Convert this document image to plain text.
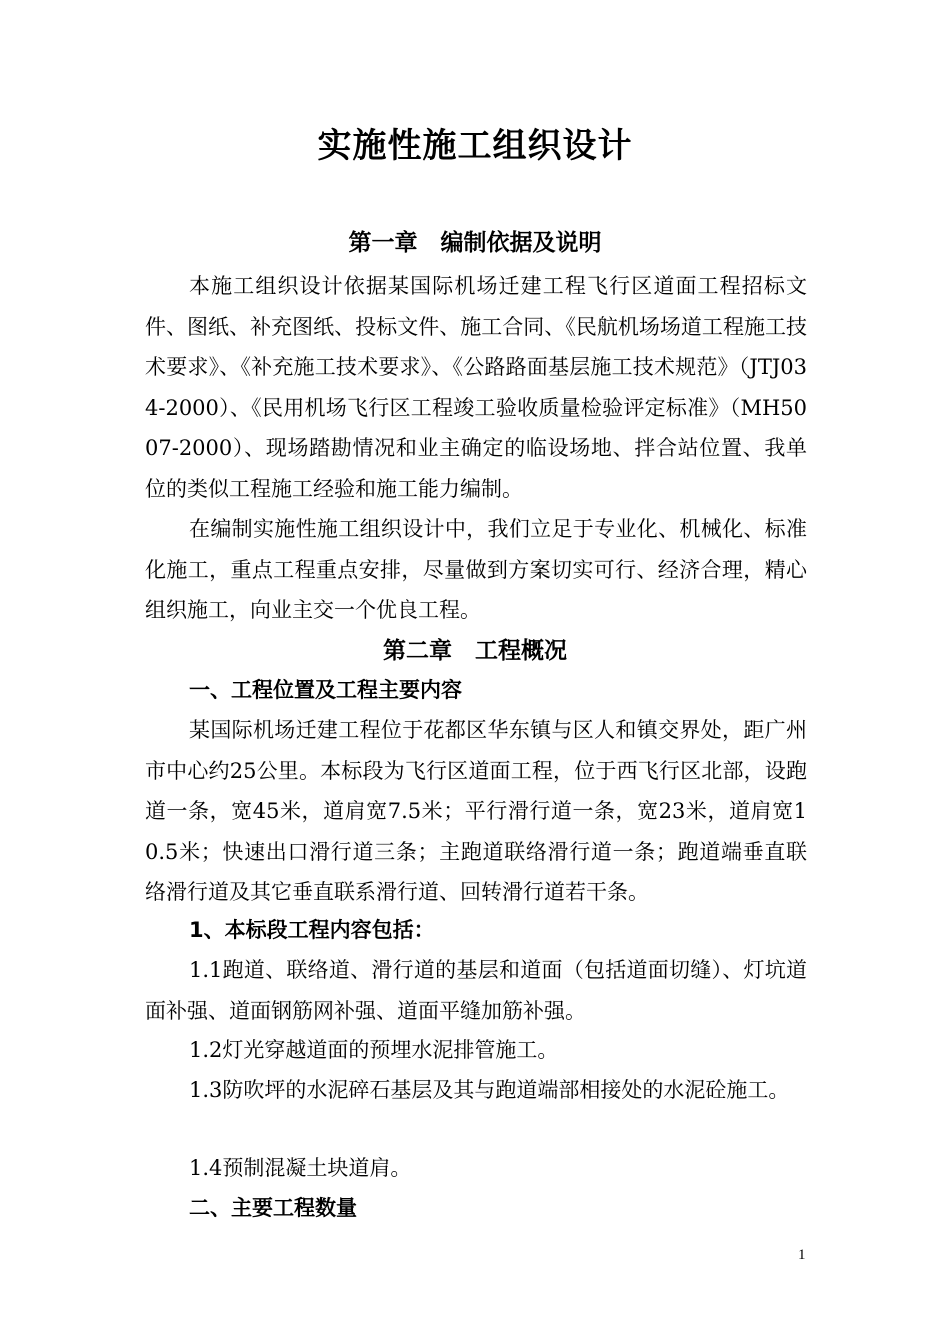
实施性施工组织设计
第一章　编制依据及说明
本施工组织设计依据某国际机场迁建工程飞行区道面工程招标文件、图纸、补充图纸、投标文件、施工合同、《民航机场场道工程施工技术要求》、《补充施工技术要求》、《公路路面基层施工技术规范》（JTJ034-2000）、《民用机场飞行区工程竣工验收质量检验评定标准》（MH5007-2000）、现场踏勘情况和业主确定的临设场地、拌合站位置、我单位的类似工程施工经验和施工能力编制。
在编制实施性施工组织设计中，我们立足于专业化、机械化、标准化施工，重点工程重点安排，尽量做到方案切实可行、经济合理，精心组织施工，向业主交一个优良工程。
第二章　工程概况
一、工程位置及工程主要内容
某国际机场迁建工程位于花都区华东镇与区人和镇交界处，距广州市中心约25公里。本标段为飞行区道面工程，位于西飞行区北部，设跑道一条，宽45米，道肩宽7.5米；平行滑行道一条，宽23米，道肩宽10.5米；快速出口滑行道三条；主跑道联络滑行道一条；跑道端垂直联络滑行道及其它垂直联系滑行道、回转滑行道若干条。
1、本标段工程内容包括：
1.1跑道、联络道、滑行道的基层和道面（包括道面切缝）、灯坑道面补强、道面钢筋网补强、道面平缝加筋补强。
1.2灯光穿越道面的预埋水泥排管施工。
1.3防吹坪的水泥碎石基层及其与跑道端部相接处的水泥砼施工。
1.4预制混凝土块道肩。
二、主要工程数量
1
